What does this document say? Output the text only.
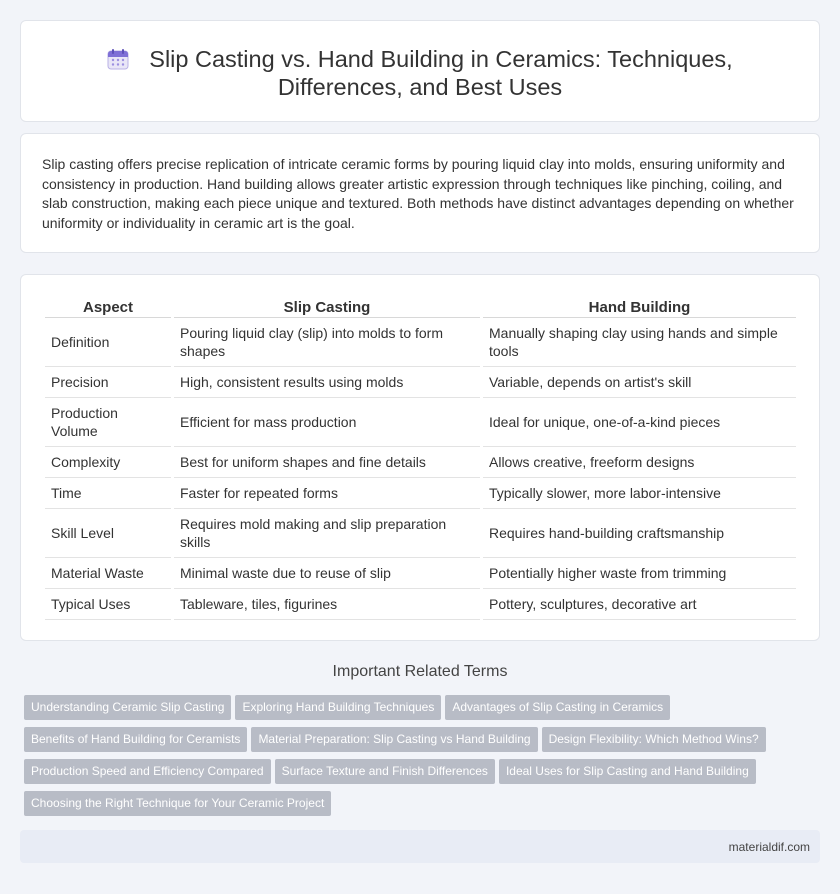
Slip Casting vs. Hand Building in Ceramics: Techniques,
Differences, and Best Uses

Slip casting offers precise replication of intricate ceramic forms by pouring liquid clay into molds, ensuring uniformity and consistency in production. Hand building allows greater artistic expression through techniques like pinching, coiling, and slab construction, making each piece unique and textured. Both methods have distinct advantages depending on whether uniformity or individuality in ceramic art is the goal.

Aspect	Slip Casting	Hand Building
Definition	Pouring liquid clay (slip) into molds to form shapes	Manually shaping clay using hands and simple tools
Precision	High, consistent results using molds	Variable, depends on artist's skill
Production Volume	Efficient for mass production	Ideal for unique, one-of-a-kind pieces
Complexity	Best for uniform shapes and fine details	Allows creative, freeform designs
Time	Faster for repeated forms	Typically slower, more labor-intensive
Skill Level	Requires mold making and slip preparation skills	Requires hand-building craftsmanship
Material Waste	Minimal waste due to reuse of slip	Potentially higher waste from trimming
Typical Uses	Tableware, tiles, figurines	Pottery, sculptures, decorative art
Important Related Terms
Understanding Ceramic Slip Casting Exploring Hand Building Techniques Advantages of Slip Casting in Ceramics
Benefits of Hand Building for Ceramists Material Preparation: Slip Casting vs Hand Building Design Flexibility: Which Method Wins?
Production Speed and Efficiency Compared Surface Texture and Finish Differences Ideal Uses for Slip Casting and Hand Building
Choosing the Right Technique for Your Ceramic Project
materialdif.com
